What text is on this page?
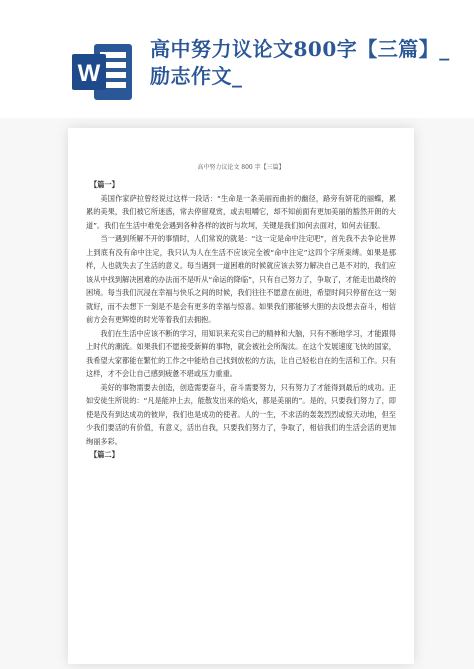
W
高中努力议论文800字【三篇】_励志作文_
高中努力议论文 800 字【三篇】

【篇一】

美国作家萨拉曾经说过这样一段话：“生命是一条美丽而曲折的幽径，路旁有妍花的丽蝶，累累的美果，我们被它所迷惑，常去停留观赏，或去咀嚼它，却不知前面有更加美丽的豁然开朗的大道”。我们在生活中难免会遇到各种各样的波折与坎坷，关键是我们如何去面对，如何去征服。

当一遇到所解不开的事情时，人们常说的就是：“这一定是命中注定吧”，首先我不去争论世界上到底有没有命中注定，我只认为人在生活不应该完全被“命中注定”这四个字所束缚。如果是那样，人也就失去了生活的意义。每当遇到一道困难的时候就应该去努力解决自己是不对的，我们应该从中找到解决困难的办法而不是听从“命运的降临”，只有自己努力了，争取了，才能走出最终的困境。每当我们沉浸在幸福与快乐之间的时候，我们往往不愿意在前进，希望时间只停留在这一刻就好，而不去想下一刻是不是会有更多的幸福与惊喜。如果我们都能够大胆的去设想去奋斗，相信前方会有更辉煌的时光等着我们去拥抱。

我们在生活中应该不断的学习，用知识来充实自己的精神和大脑，只有不断地学习，才能跟得上时代的潮流。如果我们不愿接受新鲜的事物，就会被社会所淘汰。在这个发展速度飞快的国家，我希望大家都能在繁忙的工作之中能给自己找到放松的方法，让自己轻松自在的生活和工作。只有这样，才不会让自己感到疲惫不堪或压力重重。

美好的事物需要去创造，创造需要奋斗，奋斗需要努力，只有努力了才能得到最后的成功。正如安徒生所说的：“凡是能冲上去，能散发出来的焰火，都是美丽的”。是的，只要我们努力了，即使是没有到达成功的彼岸，我们也是成功的使者。人的一生，不求活的轰轰烈烈或惊天动地，但至少我们要活的有价值，有意义，活出自我，只要我们努力了，争取了，相信我们的生活会活的更加绚丽多彩。

【篇二】
